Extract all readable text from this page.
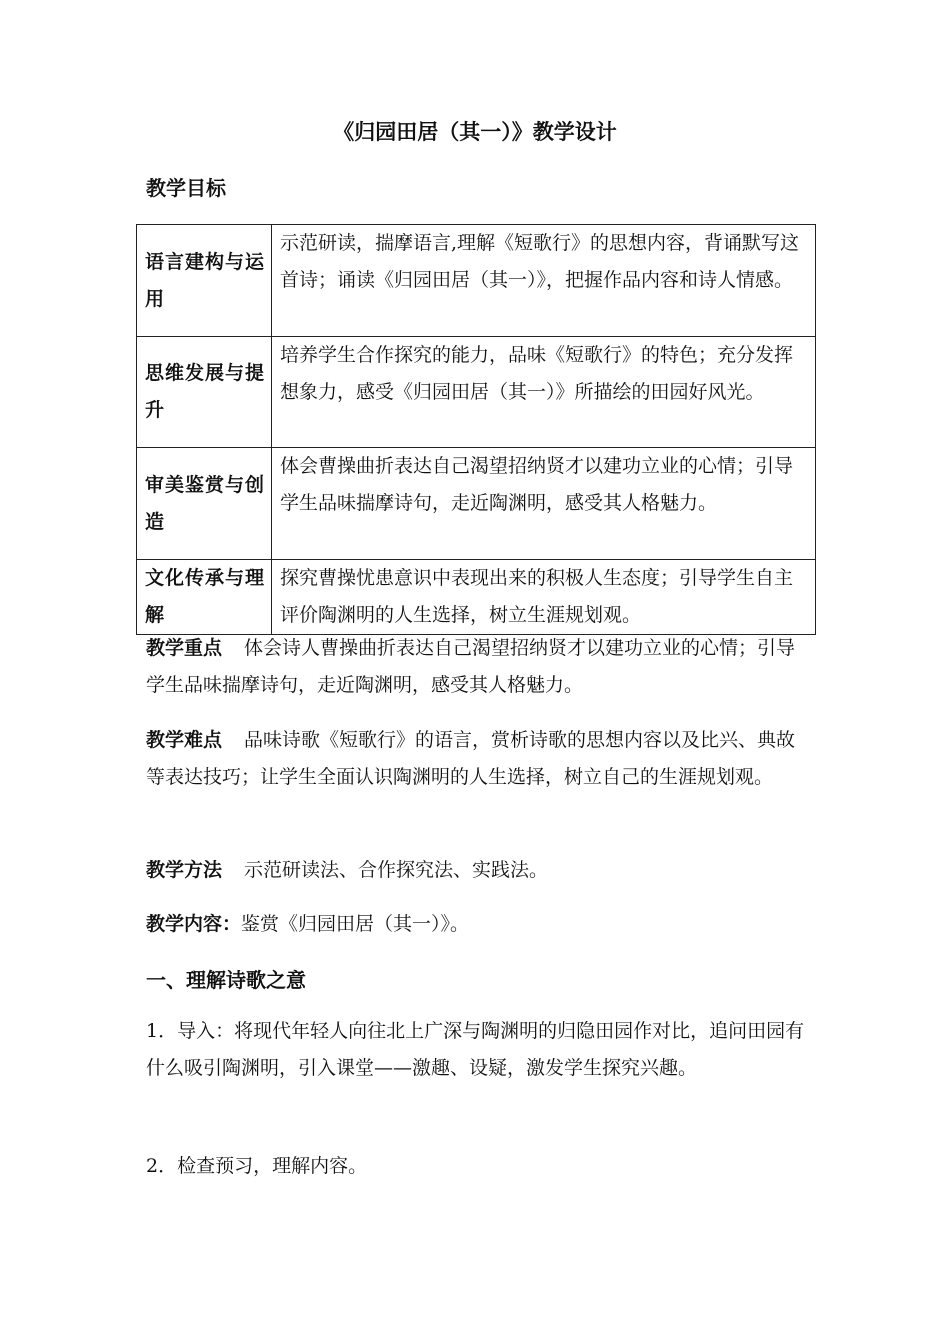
《归园田居（其一）》教学设计
教学目标
语言建构与运用	示范研读，揣摩语言,理解《短歌行》的思想内容，背诵默写这首诗；诵读《归园田居（其一）》，把握作品内容和诗人情感。
思维发展与提升	培养学生合作探究的能力，品味《短歌行》的特色；充分发挥想象力，感受《归园田居（其一）》所描绘的田园好风光。
审美鉴赏与创造	体会曹操曲折表达自己渴望招纳贤才以建功立业的心情；引导学生品味揣摩诗句，走近陶渊明，感受其人格魅力。
文化传承与理解	探究曹操忧患意识中表现出来的积极人生态度；引导学生自主评价陶渊明的人生选择，树立生涯规划观。
教学重点 体会诗人曹操曲折表达自己渴望招纳贤才以建功立业的心情；引导学生品味揣摩诗句，走近陶渊明，感受其人格魅力。
教学难点 品味诗歌《短歌行》的语言，赏析诗歌的思想内容以及比兴、典故等表达技巧；让学生全面认识陶渊明的人生选择，树立自己的生涯规划观。
教学方法 示范研读法、合作探究法、实践法。
教学内容：鉴赏《归园田居（其一）》。
一、理解诗歌之意
1．导入：将现代年轻人向往北上广深与陶渊明的归隐田园作对比，追问田园有什么吸引陶渊明，引入课堂——激趣、设疑，激发学生探究兴趣。
2．检查预习，理解内容。
